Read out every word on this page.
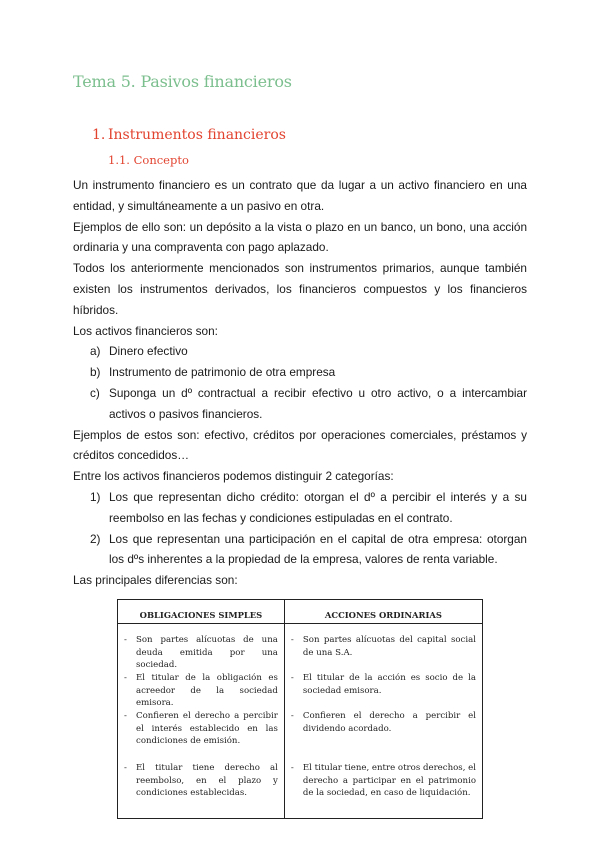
Tema 5. Pasivos financieros
1. Instrumentos financieros
1.1. Concepto

Un instrumento financiero es un contrato que da lugar a un activo financiero en una entidad, y simultáneamente a un pasivo en otra.

Ejemplos de ello son: un depósito a la vista o plazo en un banco, un bono, una acción ordinaria y una compraventa con pago aplazado.

Todos los anteriormente mencionados son instrumentos primarios, aunque también existen los instrumentos derivados, los financieros compuestos y los financieros híbridos.

Los activos financieros son:

a) Dinero efectivo
b) Instrumento de patrimonio de otra empresa
c) Suponga un dº contractual a recibir efectivo u otro activo, o a intercambiar activos o pasivos financieros.

Ejemplos de estos son: efectivo, créditos por operaciones comerciales, préstamos y créditos concedidos…

Entre los activos financieros podemos distinguir 2 categorías:

1) Los que representan dicho crédito: otorgan el dº a percibir el interés y a su reembolso en las fechas y condiciones estipuladas en el contrato.
2) Los que representan una participación en el capital de otra empresa: otorgan los dºs inherentes a la propiedad de la empresa, valores de renta variable.

Las principales diferencias son:

OBLIGACIONES SIMPLES	ACCIONES ORDINARIAS

- Son partes alícuotas de una deuda emitida por una sociedad.	- Son partes alícuotas del capital social de una S.A.

- El titular de la obligación es acreedor de la sociedad emisora.	- El titular de la acción es socio de la sociedad emisora.

- Confieren el derecho a percibir el interés establecido en las condiciones de emisión.	- Confieren el derecho a percibir el dividendo acordado.

- El titular tiene derecho al reembolso, en el plazo y condiciones establecidas.	- El titular tiene, entre otros derechos, el derecho a participar en el patrimonio de la sociedad, en caso de liquidación.
